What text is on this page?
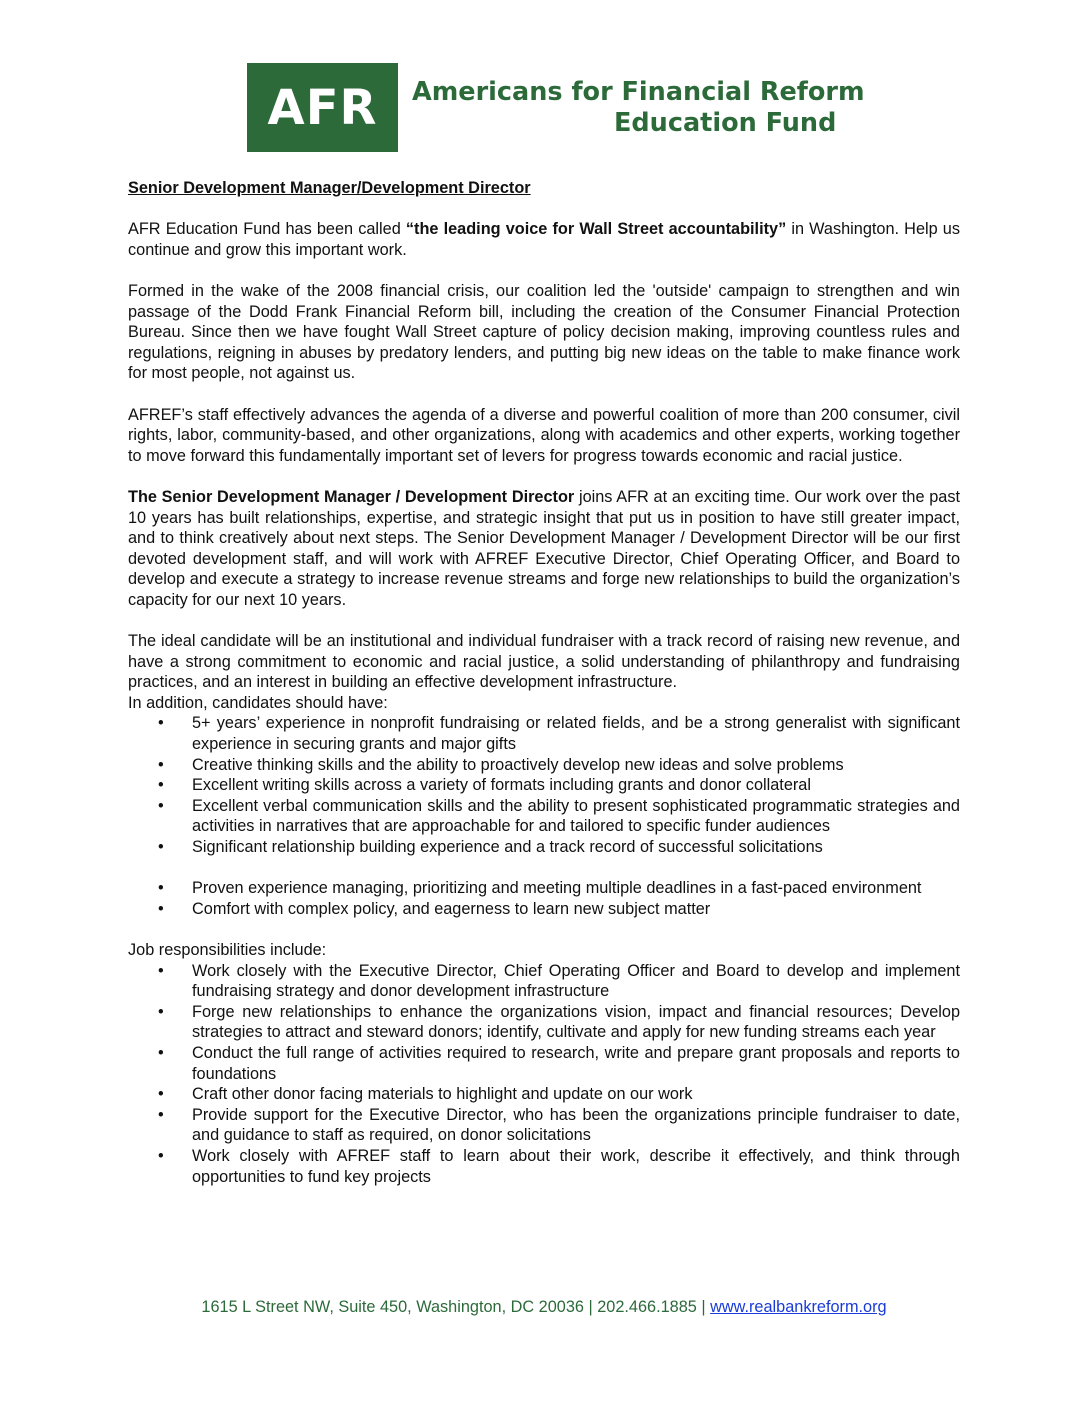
AFR	Americans for Financial Reform
Education Fund

Senior Development Manager/Development Director

AFR Education Fund has been called “the leading voice for Wall Street accountability” in Washington. Help us continue and grow this important work.

Formed in the wake of the 2008 financial crisis, our coalition led the 'outside' campaign to strengthen and win passage of the Dodd Frank Financial Reform bill, including the creation of the Consumer Financial Protection Bureau. Since then we have fought Wall Street capture of policy decision making, improving countless rules and regulations, reigning in abuses by predatory lenders, and putting big new ideas on the table to make finance work for most people, not against us.

AFREF’s staff effectively advances the agenda of a diverse and powerful coalition of more than 200 consumer, civil rights, labor, community-based, and other organizations, along with academics and other experts, working together to move forward this fundamentally important set of levers for progress towards economic and racial justice.

The Senior Development Manager / Development Director joins AFR at an exciting time. Our work over the past 10 years has built relationships, expertise, and strategic insight that put us in position to have still greater impact, and to think creatively about next steps. The Senior Development Manager / Development Director will be our first devoted development staff, and will work with AFREF Executive Director, Chief Operating Officer, and Board to develop and execute a strategy to increase revenue streams and forge new relationships to build the organization’s capacity for our next 10 years.

The ideal candidate will be an institutional and individual fundraiser with a track record of raising new revenue, and have a strong commitment to economic and racial justice, a solid understanding of philanthropy and fundraising practices, and an interest in building an effective development infrastructure.

In addition, candidates should have:

• 5+ years’ experience in nonprofit fundraising or related fields, and be a strong generalist with significant experience in securing grants and major gifts
• Creative thinking skills and the ability to proactively develop new ideas and solve problems
• Excellent writing skills across a variety of formats including grants and donor collateral
• Excellent verbal communication skills and the ability to present sophisticated programmatic strategies and activities in narratives that are approachable for and tailored to specific funder audiences
• Significant relationship building experience and a track record of successful solicitations
• Proven experience managing, prioritizing and meeting multiple deadlines in a fast-paced environment
• Comfort with complex policy, and eagerness to learn new subject matter

Job responsibilities include:

• Work closely with the Executive Director, Chief Operating Officer and Board to develop and implement fundraising strategy and donor development infrastructure
• Forge new relationships to enhance the organizations vision, impact and financial resources; Develop strategies to attract and steward donors; identify, cultivate and apply for new funding streams each year
• Conduct the full range of activities required to research, write and prepare grant proposals and reports to foundations
• Craft other donor facing materials to highlight and update on our work
• Provide support for the Executive Director, who has been the organizations principle fundraiser to date, and guidance to staff as required, on donor solicitations
• Work closely with AFREF staff to learn about their work, describe it effectively, and think through opportunities to fund key projects
1615 L Street NW, Suite 450, Washington, DC 20036 | 202.466.1885 | www.realbankreform.org
